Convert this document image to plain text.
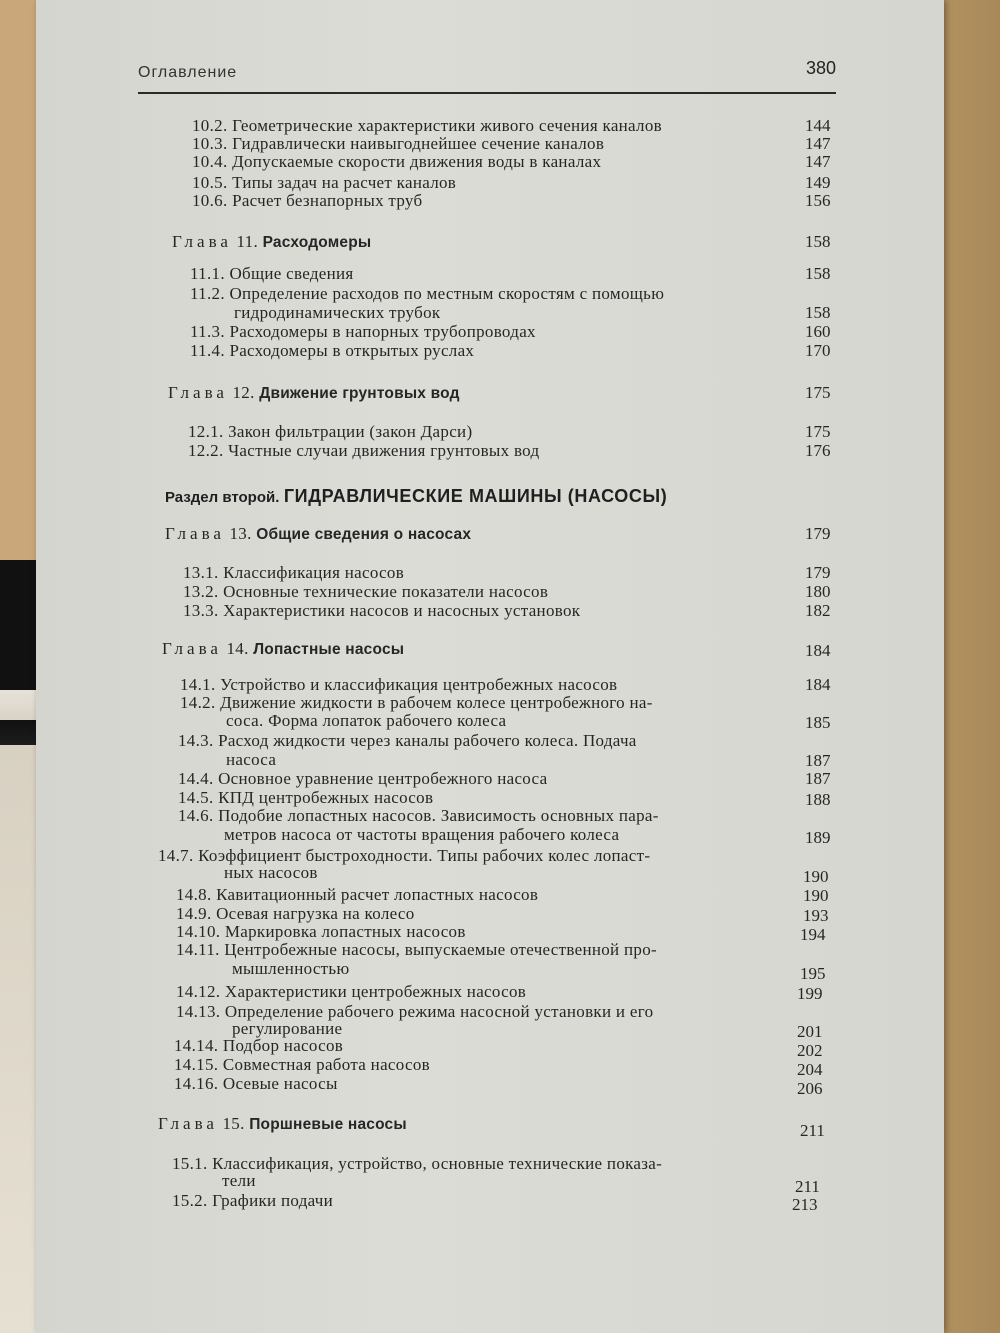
Оглавление	380
10.2. Геометрические характеристики живого сечения каналов	144
10.3. Гидравлически наивыгоднейшее сечение каналов	147
10.4. Допускаемые скорости движения воды в каналах	147
10.5. Типы задач на расчет каналов	149
10.6. Расчет безнапорных труб	156
Глава 11. Расходомеры	158
11.1. Общие сведения	158
11.2. Определение расходов по местным скоростям с помощью
гидродинамических трубок	158
11.3. Расходомеры в напорных трубопроводах	160
11.4. Расходомеры в открытых руслах	170
Глава 12. Движение грунтовых вод	175
12.1. Закон фильтрации (закон Дарси)	175
12.2. Частные случаи движения грунтовых вод	176
Раздел второй. ГИДРАВЛИЧЕСКИЕ МАШИНЫ (НАСОСЫ)
Глава 13. Общие сведения о насосах	179
13.1. Классификация насосов	179
13.2. Основные технические показатели насосов	180
13.3. Характеристики насосов и насосных установок	182
Глава 14. Лопастные насосы	184
14.1. Устройство и классификация центробежных насосов	184
14.2. Движение жидкости в рабочем колесе центробежного на-
соса. Форма лопаток рабочего колеса	185
14.3. Расход жидкости через каналы рабочего колеса. Подача
насоса	187
14.4. Основное уравнение центробежного насоса	187
14.5. КПД центробежных насосов	188
14.6. Подобие лопастных насосов. Зависимость основных пара-
метров насоса от частоты вращения рабочего колеса	189
14.7. Коэффициент быстроходности. Типы рабочих колес лопаст-
ных насосов	190
14.8. Кавитационный расчет лопастных насосов	190
14.9. Осевая нагрузка на колесо	193
14.10. Маркировка лопастных насосов	194
14.11. Центробежные насосы, выпускаемые отечественной про-
мышленностью	195
14.12. Характеристики центробежных насосов	199
14.13. Определение рабочего режима насосной установки и его
регулирование	201
14.14. Подбор насосов	202
14.15. Совместная работа насосов	204
14.16. Осевые насосы	206
Глава 15. Поршневые насосы	211
15.1. Классификация, устройство, основные технические показа-
тели	211
15.2. Графики подачи	213
